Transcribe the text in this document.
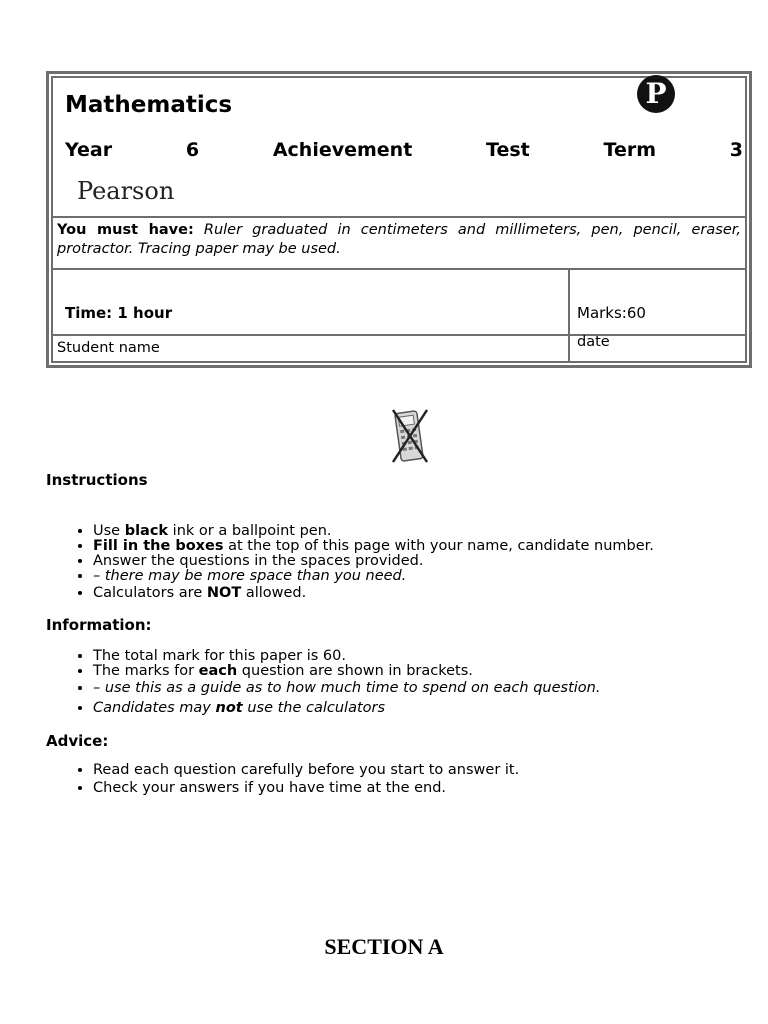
Mathematics	P
Year	6	Achievement	Test	Term	3
Pearson
You must have: Ruler graduated in centimeters and millimeters, pen, pencil, eraser, protractor. Tracing paper may be used.
Time: 1 hour	Marks:60
Student name	date
Instructions
• Use black ink or a ballpoint pen.
• Fill in the boxes at the top of this page with your name, candidate number.
• Answer the questions in the spaces provided.
• – there may be more space than you need.
• Calculators are NOT allowed.
Information:
• The total mark for this paper is 60.
• The marks for each question are shown in brackets.
• – use this as a guide as to how much time to spend on each question.
• Candidates may not use the calculators
Advice:
• Read each question carefully before you start to answer it.
• Check your answers if you have time at the end.
SECTION A
